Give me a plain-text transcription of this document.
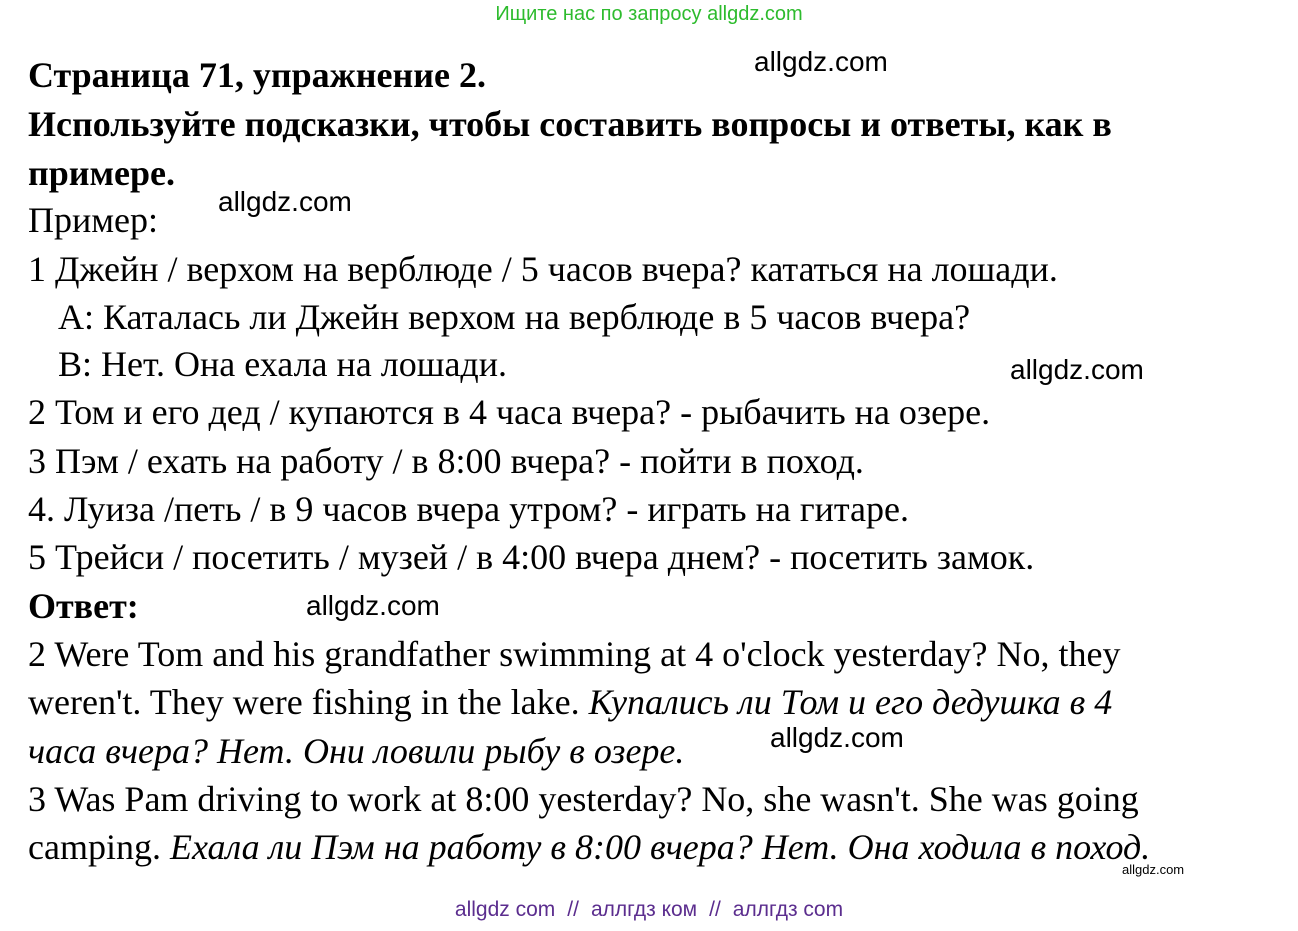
Ищите нас по запросу allgdz.com
allgdz.com
allgdz.com
allgdz.com
allgdz.com
allgdz.com
allgdz.com
Страница 71, упражнение 2.
Используйте подсказки, чтобы составить вопросы и ответы, как в
примере.
Пример:
1 Джейн / верхом на верблюде / 5 часов вчера? кататься на лошади.
A: Каталась ли Джейн верхом на верблюде в 5 часов вчера?
B: Нет. Она ехала на лошади.
2 Том и его дед / купаются в 4 часа вчера? - рыбачить на озере.
3 Пэм / ехать на работу / в 8:00 вчера? - пойти в поход.
4. Луиза /петь / в 9 часов вчера утром? - играть на гитаре.
5 Трейси / посетить / музей / в 4:00 вчера днем? - посетить замок.
Ответ:
2 Were Tom and his grandfather swimming at 4 o'clock yesterday? No, they
weren't. They were fishing in the lake. Купались ли Том и его дедушка в 4
часа вчера? Нет. Они ловили рыбу в озере.
3 Was Pam driving to work at 8:00 yesterday? No, she wasn't. She was going
camping. Ехала ли Пэм на работу в 8:00 вчера? Нет. Она ходила в поход.
allgdz com // аллгдз ком // аллгдз com
